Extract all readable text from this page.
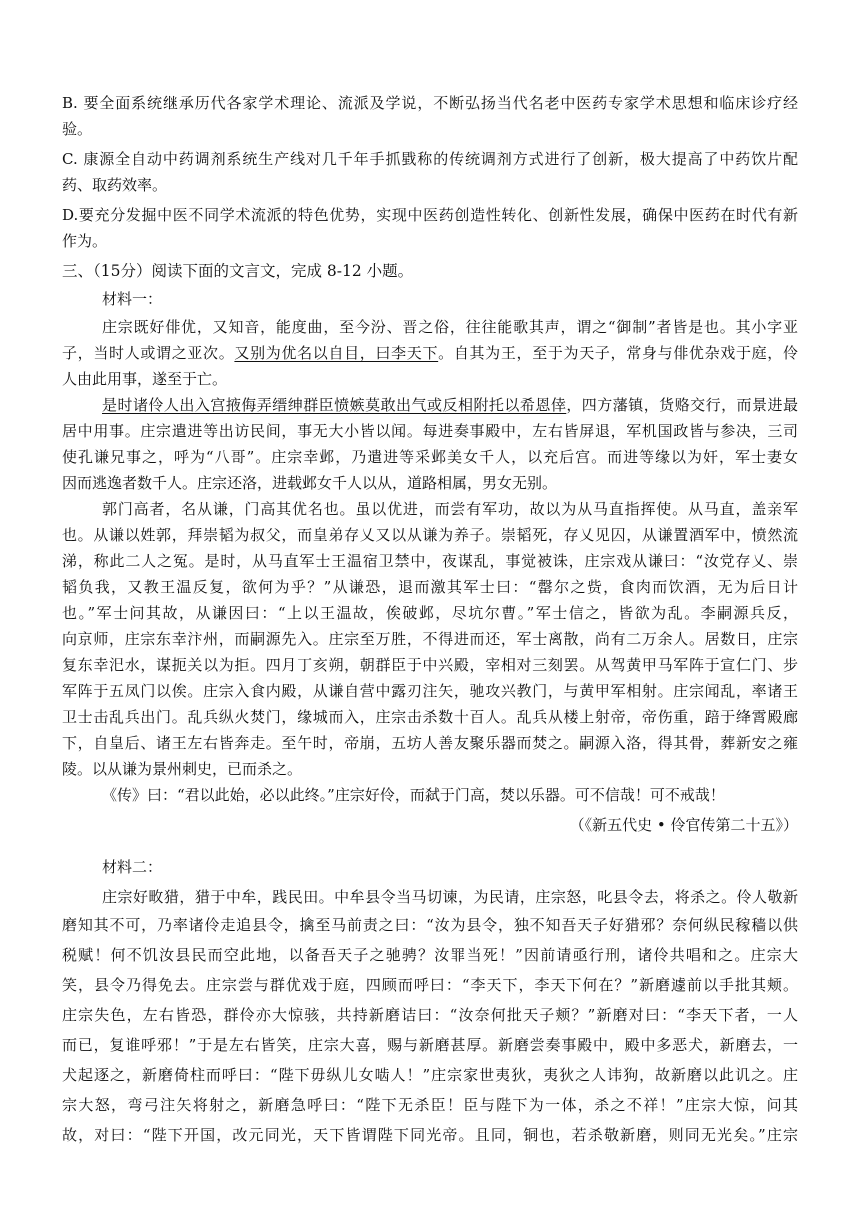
B. 要全面系统继承历代各家学术理论、流派及学说，不断弘扬当代名老中医药专家学术思想和临床诊疗经
验。
C. 康源全自动中药调剂系统生产线对几千年手抓戥称的传统调剂方式进行了创新，极大提高了中药饮片配
药、取药效率。
D.要充分发掘中医不同学术流派的特色优势，实现中医药创造性转化、创新性发展，确保中医药在时代有新
作为。
三、（15分）阅读下面的文言文，完成 8-12 小题。
材料一：
庄宗既好俳优，又知音，能度曲，至今汾、晋之俗，往往能歌其声，谓之“御制”者皆是也。其小字亚
子，当时人或谓之亚次。又别为优名以自目，曰李天下。自其为王，至于为天子，常身与俳优杂戏于庭，伶
人由此用事，遂至于亡。
是时诸伶人出入宫掖侮弄缙绅群臣愤嫉莫敢出气或反相附托以希恩倖，四方藩镇，货赂交行，而景进最
居中用事。庄宗遣进等出访民间，事无大小皆以闻。每进奏事殿中，左右皆屏退，军机国政皆与参决，三司
使孔谦兄事之，呼为“八哥”。庄宗幸邺，乃遣进等采邺美女千人，以充后宫。而进等缘以为奸，军士妻女
因而逃逸者数千人。庄宗还洛，进载邺女千人以从，道路相属，男女无别。
郭门高者，名从谦，门高其优名也。虽以优进，而尝有军功，故以为从马直指挥使。从马直，盖亲军
也。从谦以姓郭，拜崇韬为叔父，而皇弟存乂又以从谦为养子。崇韬死，存乂见囚，从谦置酒军中，愤然流
涕，称此二人之冤。是时，从马直军士王温宿卫禁中，夜谋乱，事觉被诛，庄宗戏从谦曰：“汝党存乂、崇
韬负我，又教王温反复，欲何为乎？”从谦恐，退而激其军士曰：“罄尔之赀，食肉而饮酒，无为后日计
也。”军士问其故，从谦因曰：“上以王温故，俟破邺，尽坑尔曹。”军士信之，皆欲为乱。李嗣源兵反，
向京师，庄宗东幸汴州，而嗣源先入。庄宗至万胜，不得进而还，军士离散，尚有二万余人。居数日，庄宗
复东幸汜水，谋扼关以为拒。四月丁亥朔，朝群臣于中兴殿，宰相对三刻罢。从驾黄甲马军阵于宣仁门、步
军阵于五凤门以俟。庄宗入食内殿，从谦自营中露刃注矢，驰攻兴教门，与黄甲军相射。庄宗闻乱，率诸王
卫士击乱兵出门。乱兵纵火焚门，缘城而入，庄宗击杀数十百人。乱兵从楼上射帝，帝伤重，踣于绛霄殿廊
下，自皇后、诸王左右皆奔走。至午时，帝崩，五坊人善友聚乐器而焚之。嗣源入洛，得其骨，葬新安之雍
陵。以从谦为景州刺史，已而杀之。
《传》曰：“君以此始，必以此终。”庄宗好伶，而弑于门高，焚以乐器。可不信哉！可不戒哉！
（《新五代史 • 伶官传第二十五》）
材料二：
庄宗好畋猎，猎于中牟，践民田。中牟县令当马切谏，为民请，庄宗怒，叱县令去，将杀之。伶人敬新
磨知其不可，乃率诸伶走追县令，擒至马前责之曰：“汝为县令，独不知吾天子好猎邪？奈何纵民稼穑以供
税赋！何不饥汝县民而空此地，以备吾天子之驰骋？汝罪当死！”因前请亟行刑，诸伶共唱和之。庄宗大
笑，县令乃得免去。庄宗尝与群优戏于庭，四顾而呼曰：“李天下，李天下何在？”新磨遽前以手批其颊。
庄宗失色，左右皆恐，群伶亦大惊骇，共持新磨诘曰：“汝奈何批天子颊？”新磨对曰：“李天下者，一人
而已，复谁呼邪！”于是左右皆笑，庄宗大喜，赐与新磨甚厚。新磨尝奏事殿中，殿中多恶犬，新磨去，一
犬起逐之，新磨倚柱而呼曰：“陛下毋纵儿女啮人！”庄宗家世夷狄，夷狄之人讳狗，故新磨以此讥之。庄
宗大怒，弯弓注矢将射之，新磨急呼曰：“陛下无杀臣！臣与陛下为一体，杀之不祥！”庄宗大惊，问其
故，对曰：“陛下开国，改元同光，天下皆谓陛下同光帝。且同，铜也，若杀敬新磨，则同无光矣。”庄宗
